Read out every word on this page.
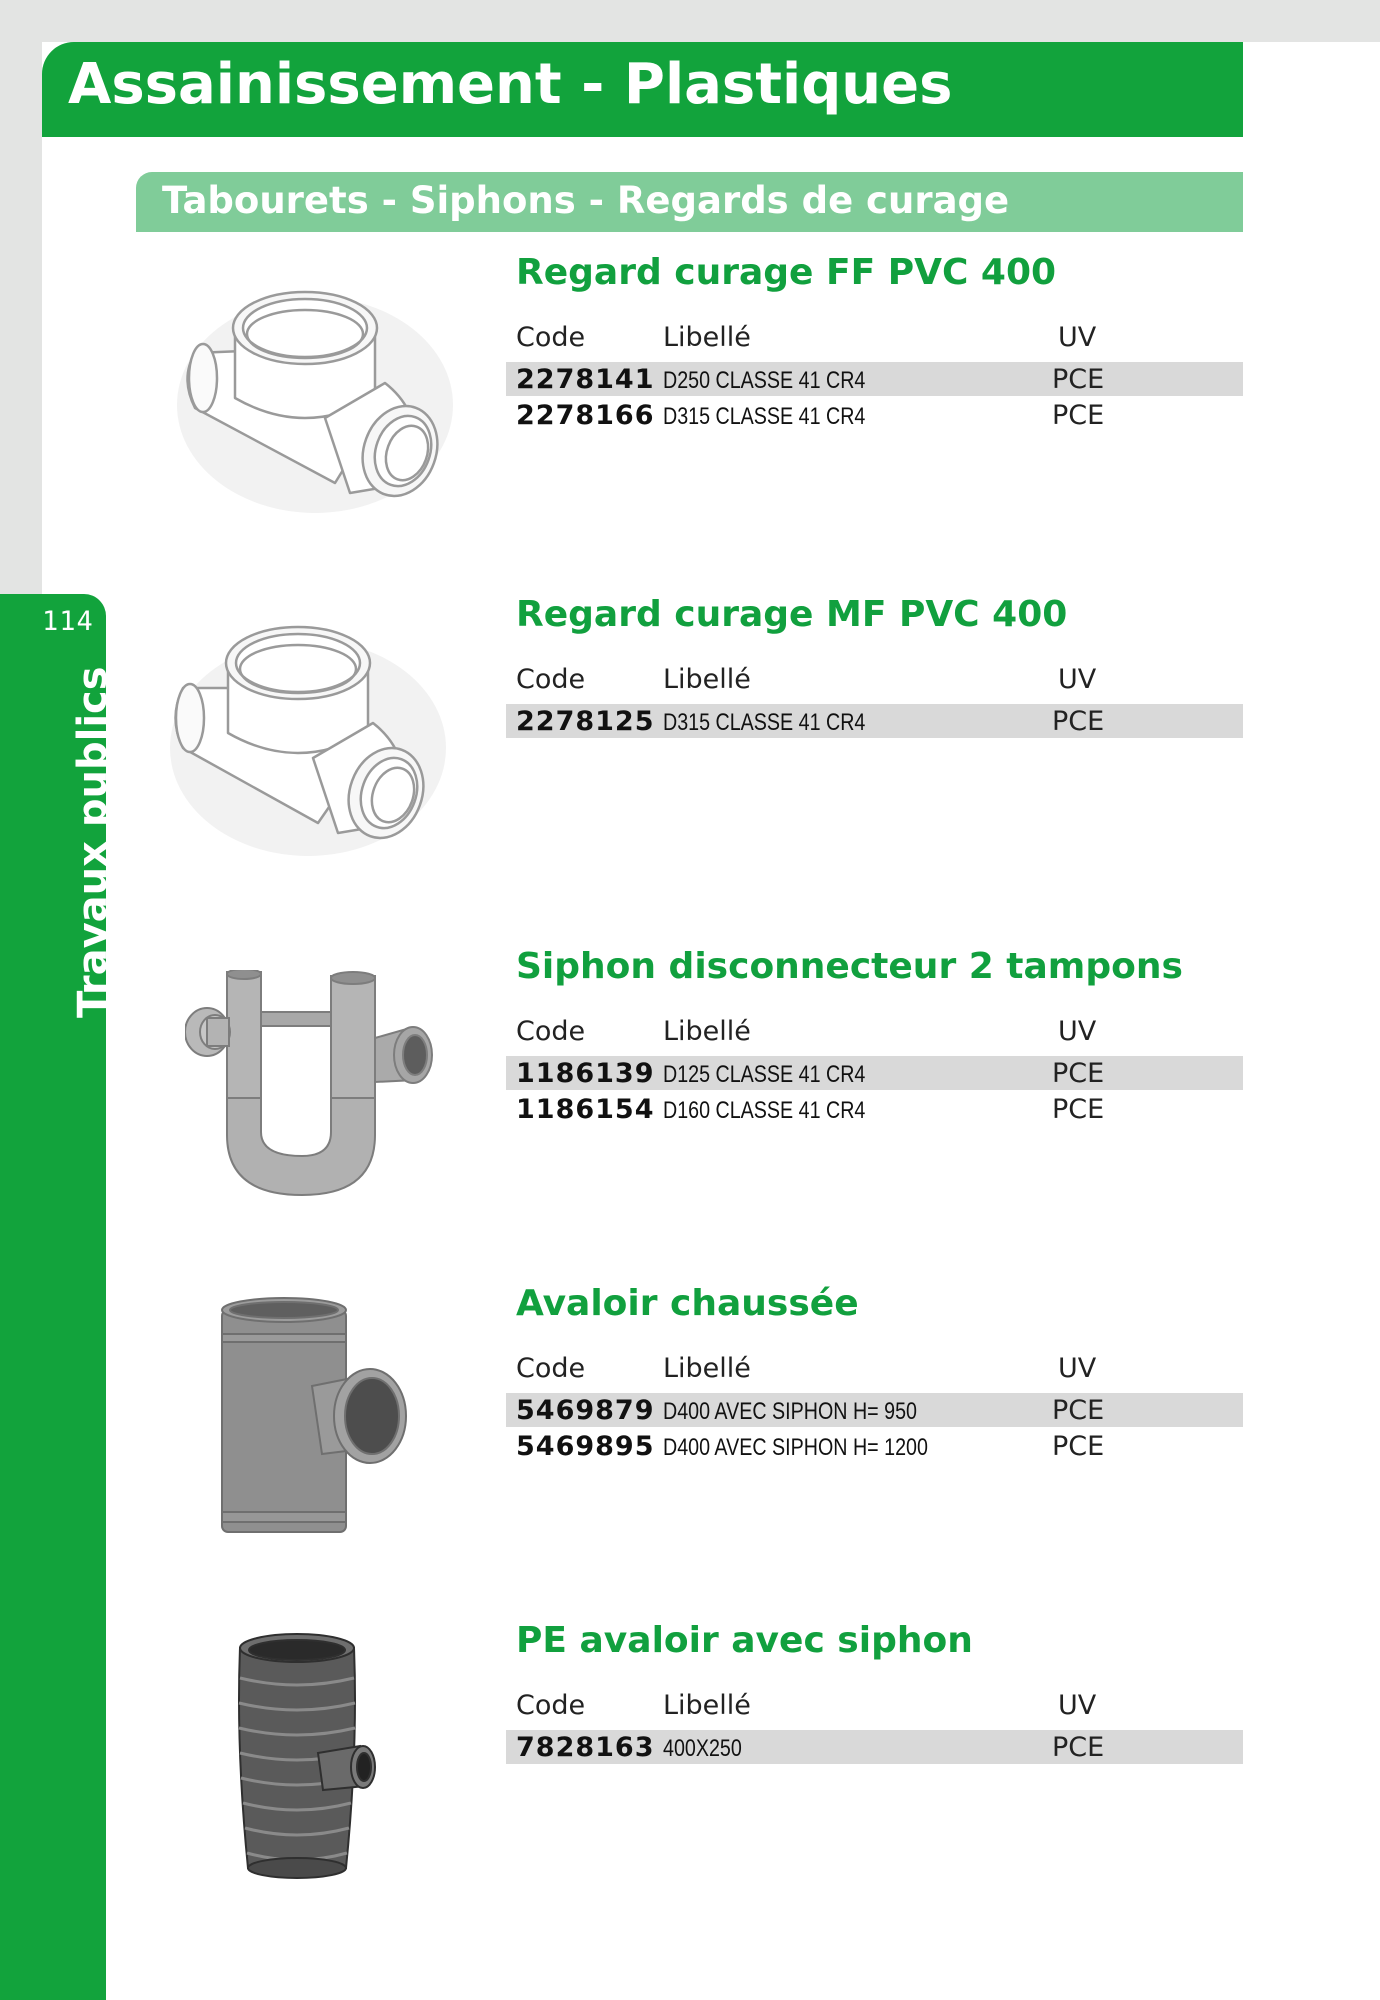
114
Travaux publics
Assainissement - Plastiques
Tabourets - Siphons - Regards de curage
Regard curage FF PVC 400
Code	Libellé	UV
2278141 D250 CLASSE 41 CR4	PCE
2278166 D315 CLASSE 41 CR4	PCE
Regard curage MF PVC 400
Code	Libellé	UV
2278125 D315 CLASSE 41 CR4	PCE
Siphon disconnecteur 2 tampons
Code	Libellé	UV
1186139 D125 CLASSE 41 CR4	PCE
1186154 D160 CLASSE 41 CR4	PCE
Avaloir chaussée
Code	Libellé	UV
5469879 D400 AVEC SIPHON H= 950	PCE
5469895 D400 AVEC SIPHON H= 1200	PCE
PE avaloir avec siphon
Code	Libellé	UV
7828163 400X250	PCE
